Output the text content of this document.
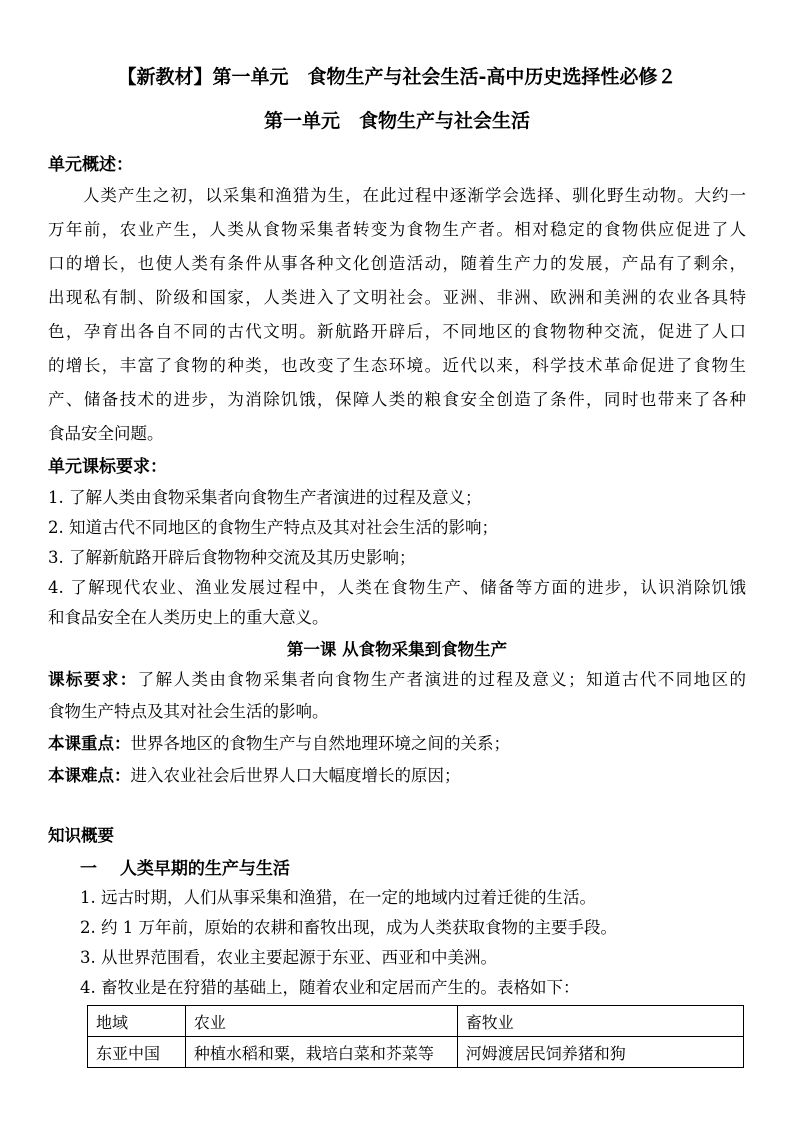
【新教材】第一单元　食物生产与社会生活-高中历史选择性必修２
第一单元　食物生产与社会生活
单元概述：
　　人类产生之初，以采集和渔猎为生，在此过程中逐渐学会选择、驯化野生动物。大约一
万年前，农业产生，人类从食物采集者转变为食物生产者。相对稳定的食物供应促进了人
口的增长，也使人类有条件从事各种文化创造活动，随着生产力的发展，产品有了剩余，
出现私有制、阶级和国家，人类进入了文明社会。亚洲、非洲、欧洲和美洲的农业各具特
色，孕育出各自不同的古代文明。新航路开辟后，不同地区的食物物种交流，促进了人口
的增长，丰富了食物的种类，也改变了生态环境。近代以来，科学技术革命促进了食物生
产、储备技术的进步，为消除饥饿，保障人类的粮食安全创造了条件，同时也带来了各种
食品安全问题。
单元课标要求：
1. 了解人类由食物采集者向食物生产者演进的过程及意义；
2. 知道古代不同地区的食物生产特点及其对社会生活的影响；
3. 了解新航路开辟后食物物种交流及其历史影响；
4. 了解现代农业、渔业发展过程中，人类在食物生产、储备等方面的进步，认识消除饥饿
和食品安全在人类历史上的重大意义。
第一课 从食物采集到食物生产
课标要求：了解人类由食物采集者向食物生产者演进的过程及意义；知道古代不同地区的
食物生产特点及其对社会生活的影响。
本课重点：世界各地区的食物生产与自然地理环境之间的关系；
本课难点：进入农业社会后世界人口大幅度增长的原因；
知识概要
一　 人类早期的生产与生活
1. 远古时期，人们从事采集和渔猎，在一定的地域内过着迁徙的生活。
2. 约 1 万年前，原始的农耕和畜牧出现，成为人类获取食物的主要手段。
3. 从世界范围看，农业主要起源于东亚、西亚和中美洲。
4. 畜牧业是在狩猎的基础上，随着农业和定居而产生的。表格如下：
地域	农业	畜牧业
东亚中国	种植水稻和粟，栽培白菜和芥菜等	河姆渡居民饲养猪和狗
